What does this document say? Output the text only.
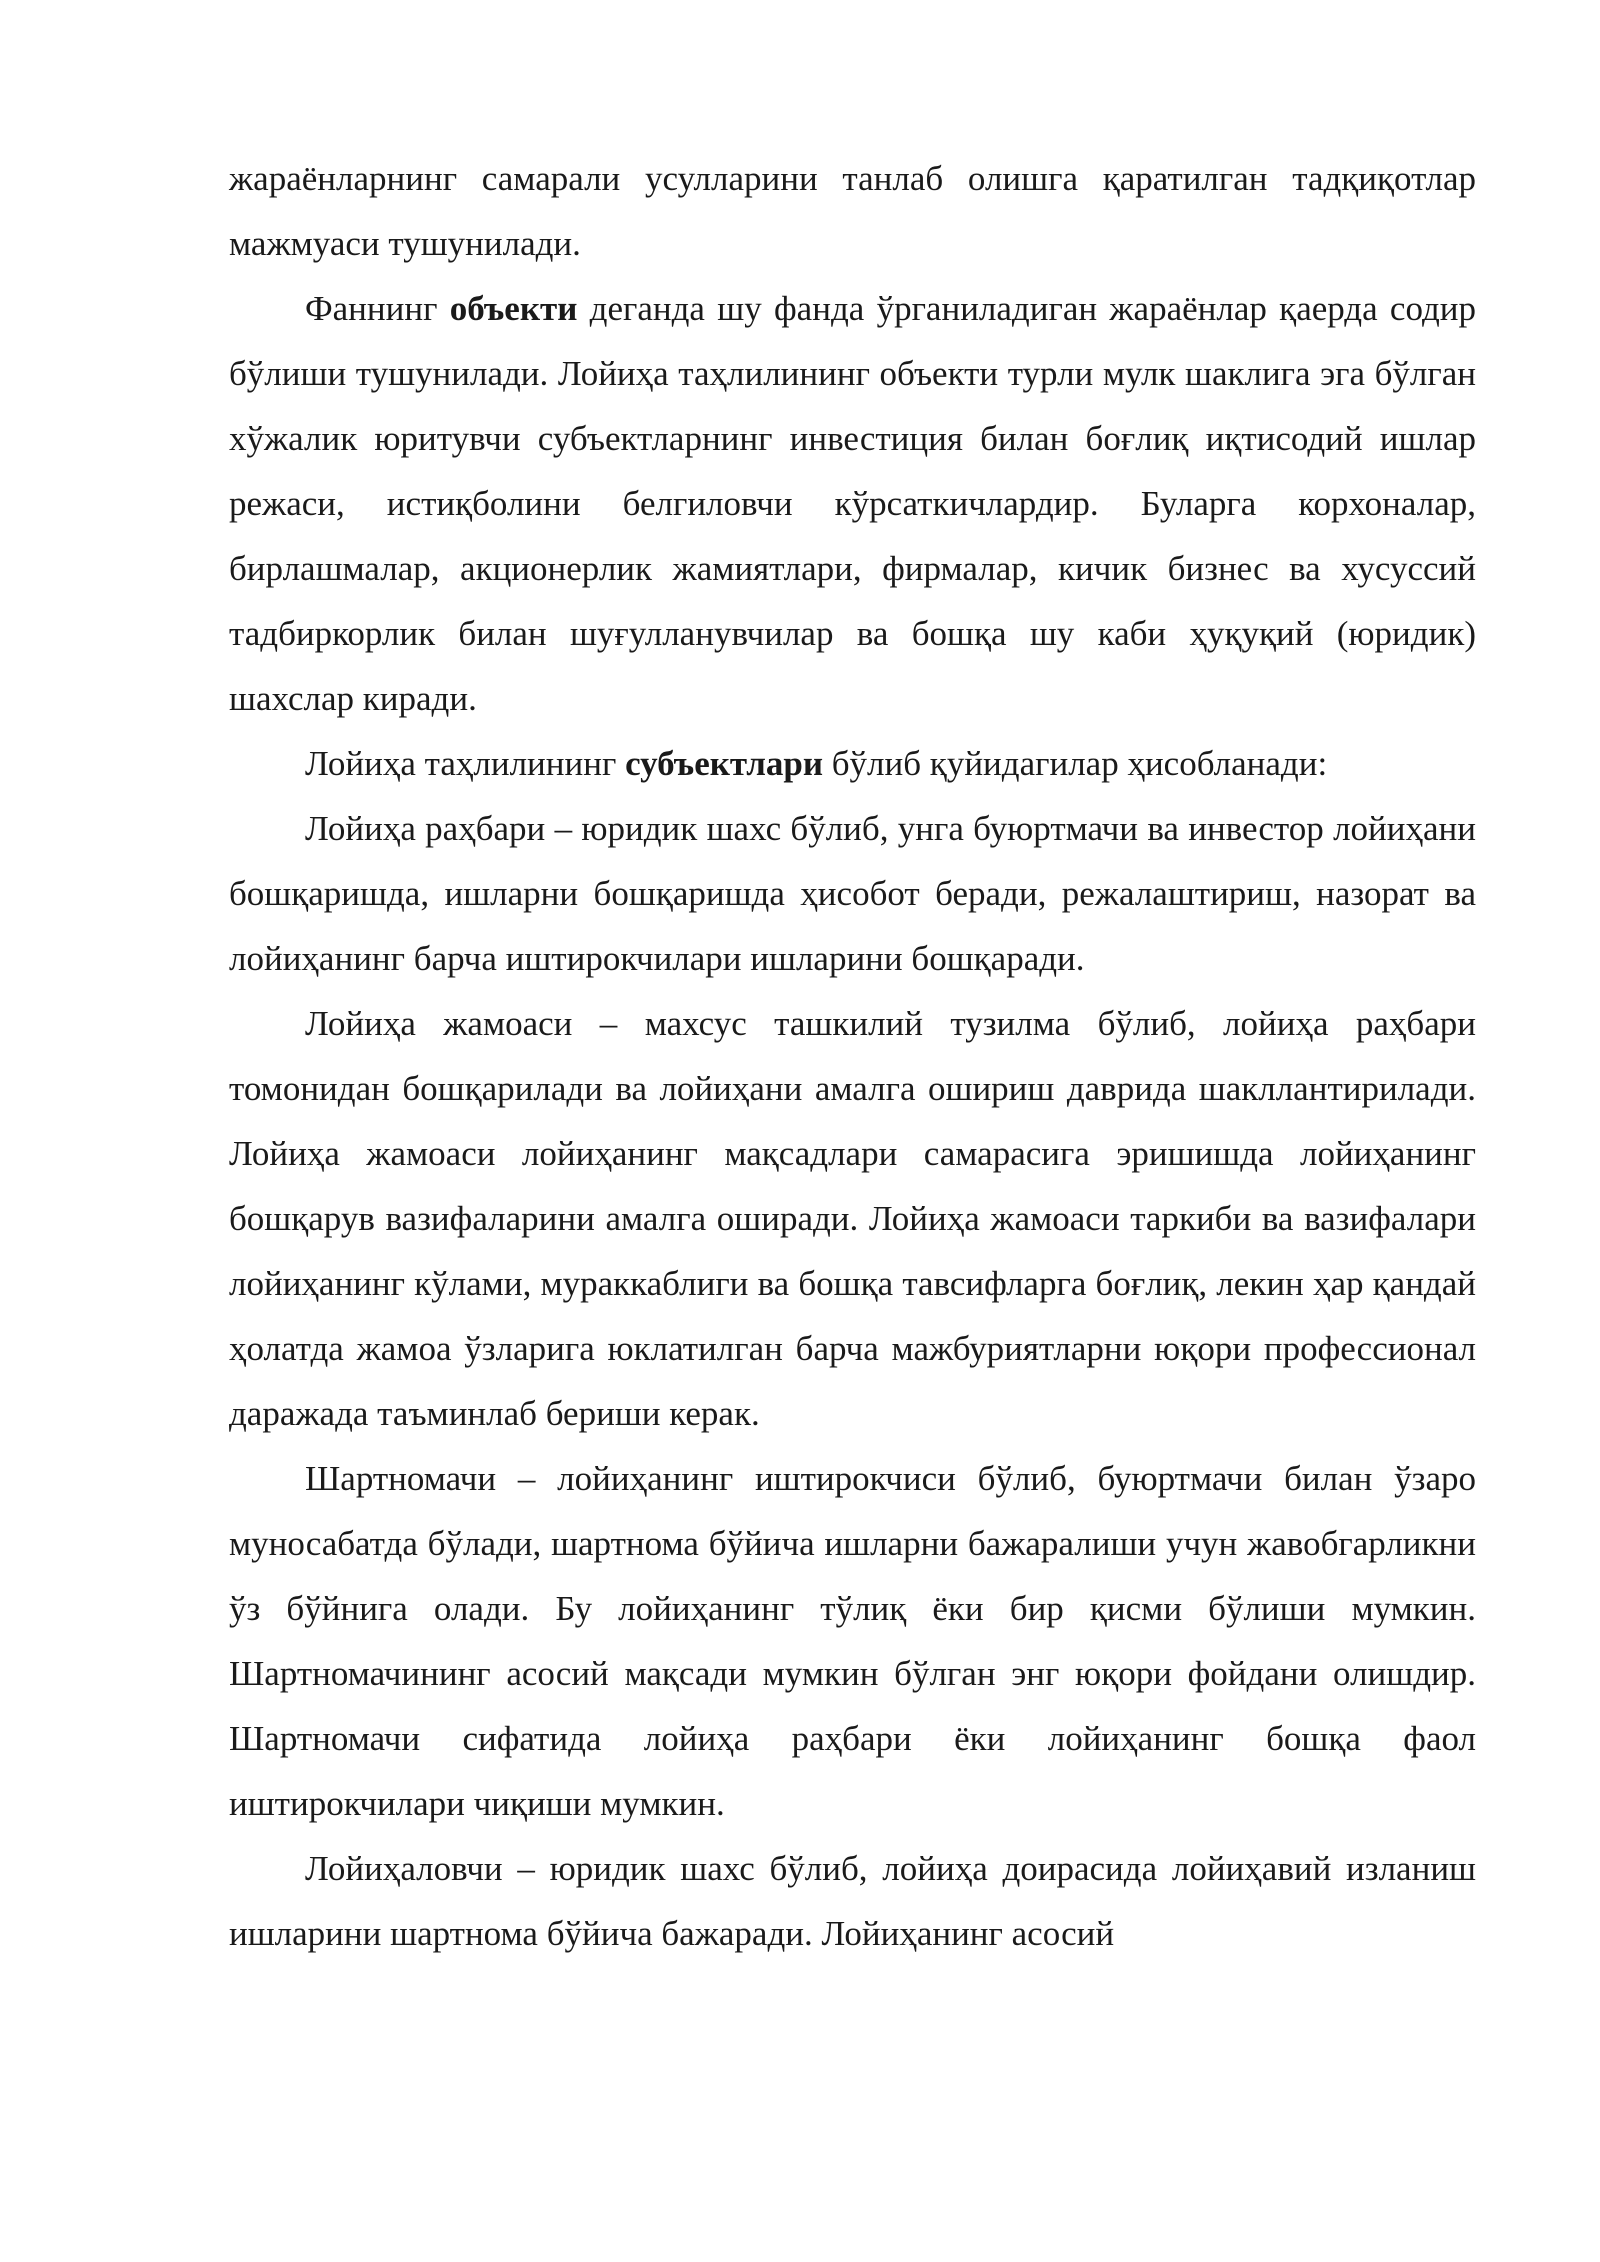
жараёнларнинг самарали усулларини танлаб олишга қаратилган тадқиқотлар мажмуаси тушунилади.

Фаннинг объекти деганда шу фанда ўрганиладиган жараёнлар қаерда содир бўлиши тушунилади. Лойиҳа таҳлилининг объекти турли мулк шаклига эга бўлган хўжалик юритувчи субъектларнинг инвестиция билан боғлиқ иқтисодий ишлар режаси, истиқболини белгиловчи кўрсаткичлардир. Буларга корхоналар, бирлашмалар, акционерлик жамиятлари, фирмалар, кичик бизнес ва хусуссий тадбиркорлик билан шуғулланувчилар ва бошқа шу каби ҳуқуқий (юридик) шахслар киради.

Лойиҳа таҳлилининг субъектлари бўлиб қуйидагилар ҳисобланади:

Лойиҳа раҳбари – юридик шахс бўлиб, унга буюртмачи ва инвестор лойиҳани бошқаришда, ишларни бошқаришда ҳисобот беради, режалаштириш, назорат ва лойиҳанинг барча иштирокчилари ишларини бошқаради.

Лойиҳа жамоаси – махсус ташкилий тузилма бўлиб, лойиҳа раҳбари томонидан бошқарилади ва лойиҳани амалга ошириш даврида шакллантирилади. Лойиҳа жамоаси лойиҳанинг мақсадлари самарасига эришишда лойиҳанинг бошқарув вазифаларини амалга оширади. Лойиҳа жамоаси таркиби ва вазифалари лойиҳанинг кўлами, мураккаблиги ва бошқа тавсифларга боғлиқ, лекин ҳар қандай ҳолатда жамоа ўзларига юклатилган барча мажбуриятларни юқори профессионал даражада таъминлаб бериши керак.

Шартномачи – лойиҳанинг иштирокчиси бўлиб, буюртмачи билан ўзаро муносабатда бўлади, шартнома бўйича ишларни бажаралиши учун жавобгарликни ўз бўйнига олади. Бу лойиҳанинг тўлиқ ёки бир қисми бўлиши мумкин. Шартномачининг асосий мақсади мумкин бўлган энг юқори фойдани олишдир. Шартномачи сифатида лойиҳа раҳбари ёки лойиҳанинг бошқа фаол иштирокчилари чиқиши мумкин.

Лойиҳаловчи – юридик шахс бўлиб, лойиҳа доирасида лойиҳавий изланиш ишларини шартнома бўйича бажаради. Лойиҳанинг асосий
